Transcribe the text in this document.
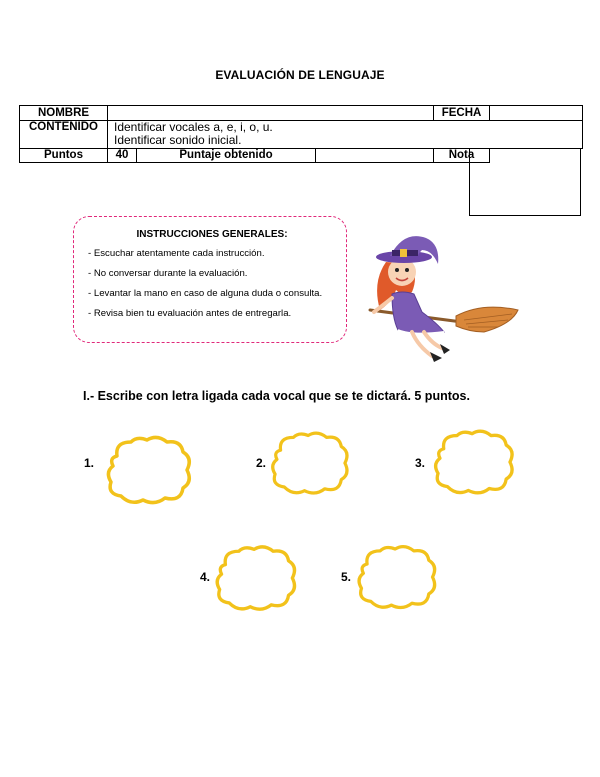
EVALUACIÓN DE LENGUAJE
NOMBRE				FECHA	
CONTENIDO	Identificar vocales a, e, i, o, u.
Identificar sonido inicial.				

Puntos	40	Puntaje obtenido		Nota	
INSTRUCCIONES GENERALES:
- Escuchar atentamente cada instrucción.
- No conversar durante la evaluación.
- Levantar la mano en caso de alguna duda o consulta.
- Revisa bien tu evaluación antes de entregarla.
I.- Escribe con letra ligada cada vocal que se te dictará. 5 puntos.
1.	2.	3.
4.	5.
